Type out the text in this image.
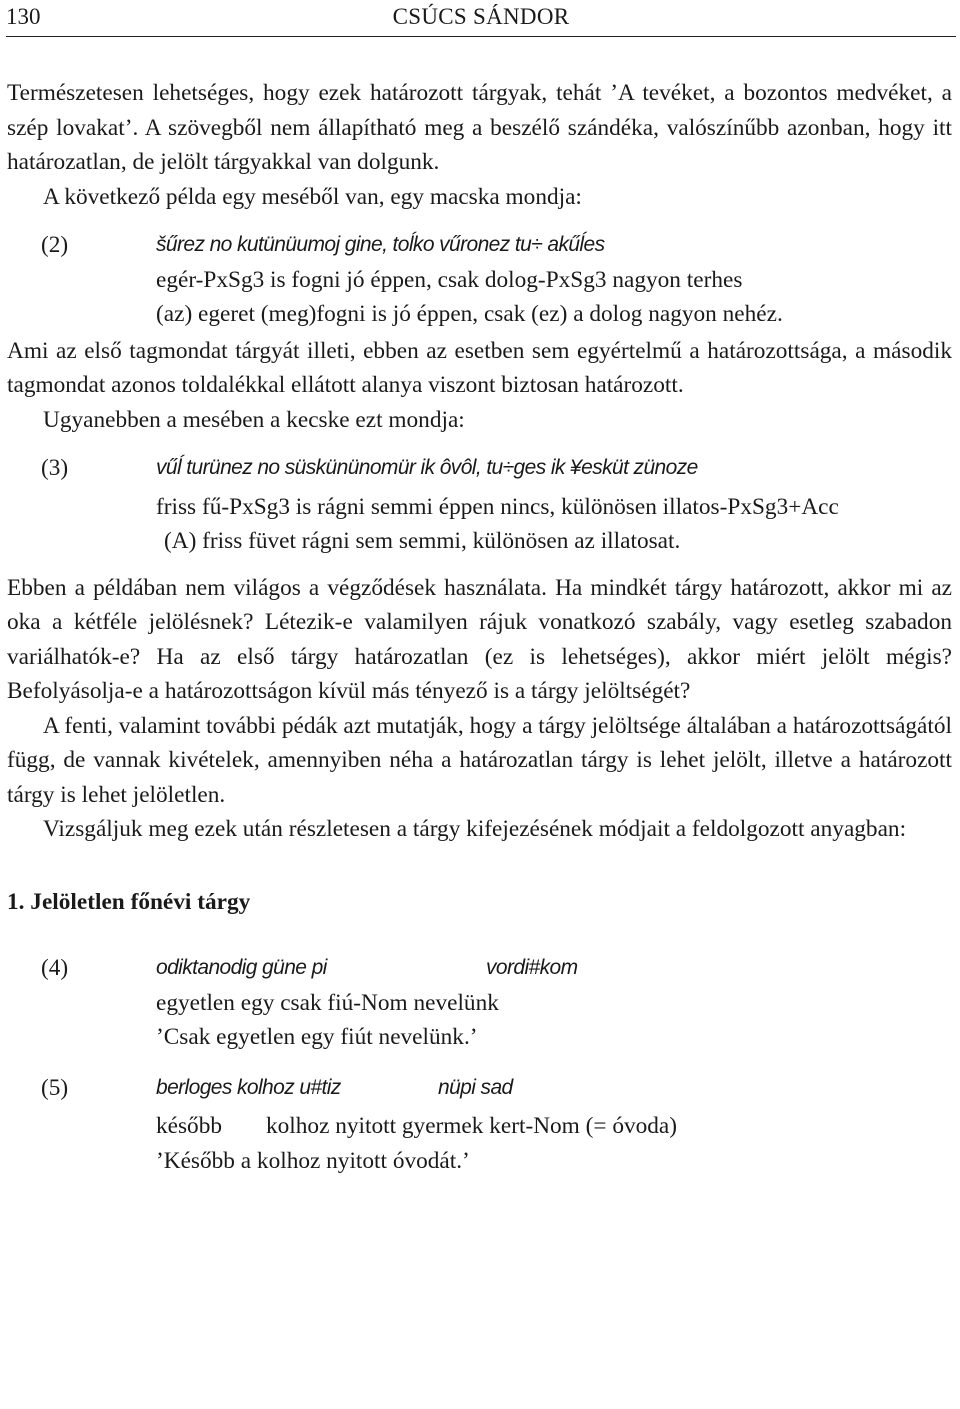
130	CSÚCS SÁNDOR

Természetesen lehetséges, hogy ezek határozott tárgyak, tehát ’A tevéket, a bozontos medvéket, a szép lovakat’. A szövegből nem állapítható meg a beszélő szándéka, valószínűbb azonban, hogy itt határozatlan, de jelölt tárgyakkal van dolgunk.

A következő példa egy meséből van, egy macska mondja:

(2)	šűrez no kutünüumoj gine, toĺko vűronez tu÷ akűĺes
egér-PxSg3 is fogni jó éppen, csak dolog-PxSg3 nagyon terhes
(az) egeret (meg)fogni is jó éppen, csak (ez) a dolog nagyon nehéz.

Ami az első tagmondat tárgyát illeti, ebben az esetben sem egyértelmű a határozottsága, a második tagmondat azonos toldalékkal ellátott alanya viszont biztosan határozott.

Ugyanebben a mesében a kecske ezt mondja:

(3)	vűĺ turünez no süskününomür ik ôvôl, tu÷ges ik ¥esküt zünoze
friss fű-PxSg3 is rágni semmi éppen nincs, különösen illatos-PxSg3+Acc
(A) friss füvet rágni sem semmi, különösen az illatosat.

Ebben a példában nem világos a végződések használata. Ha mindkét tárgy határozott, akkor mi az oka a kétféle jelölésnek? Létezik-e valamilyen rájuk vonatkozó szabály, vagy esetleg szabadon variálhatók-e? Ha az első tárgy határozatlan (ez is lehetséges), akkor miért jelölt mégis? Befolyásolja-e a határozottságon kívül más tényező is a tárgy jelöltségét?

A fenti, valamint további pédák azt mutatják, hogy a tárgy jelöltsége általában a határozottságától függ, de vannak kivételek, amennyiben néha a határozatlan tárgy is lehet jelölt, illetve a határozott tárgy is lehet jelöletlen.

Vizsgáljuk meg ezek után részletesen a tárgy kifejezésének módjait a feldolgozott anyagban:

1. Jelöletlen főnévi tárgy
(4)	odiktanodig güne pi	vordi#kom
egyetlen egy csak fiú-Nom nevelünk
’Csak egyetlen egy fiút nevelünk.’
(5)	berloges kolhoz u#tiz	nüpi sad
később kolhoz nyitott gyermek kert-Nom (= óvoda)
’Később a kolhoz nyitott óvodát.’
